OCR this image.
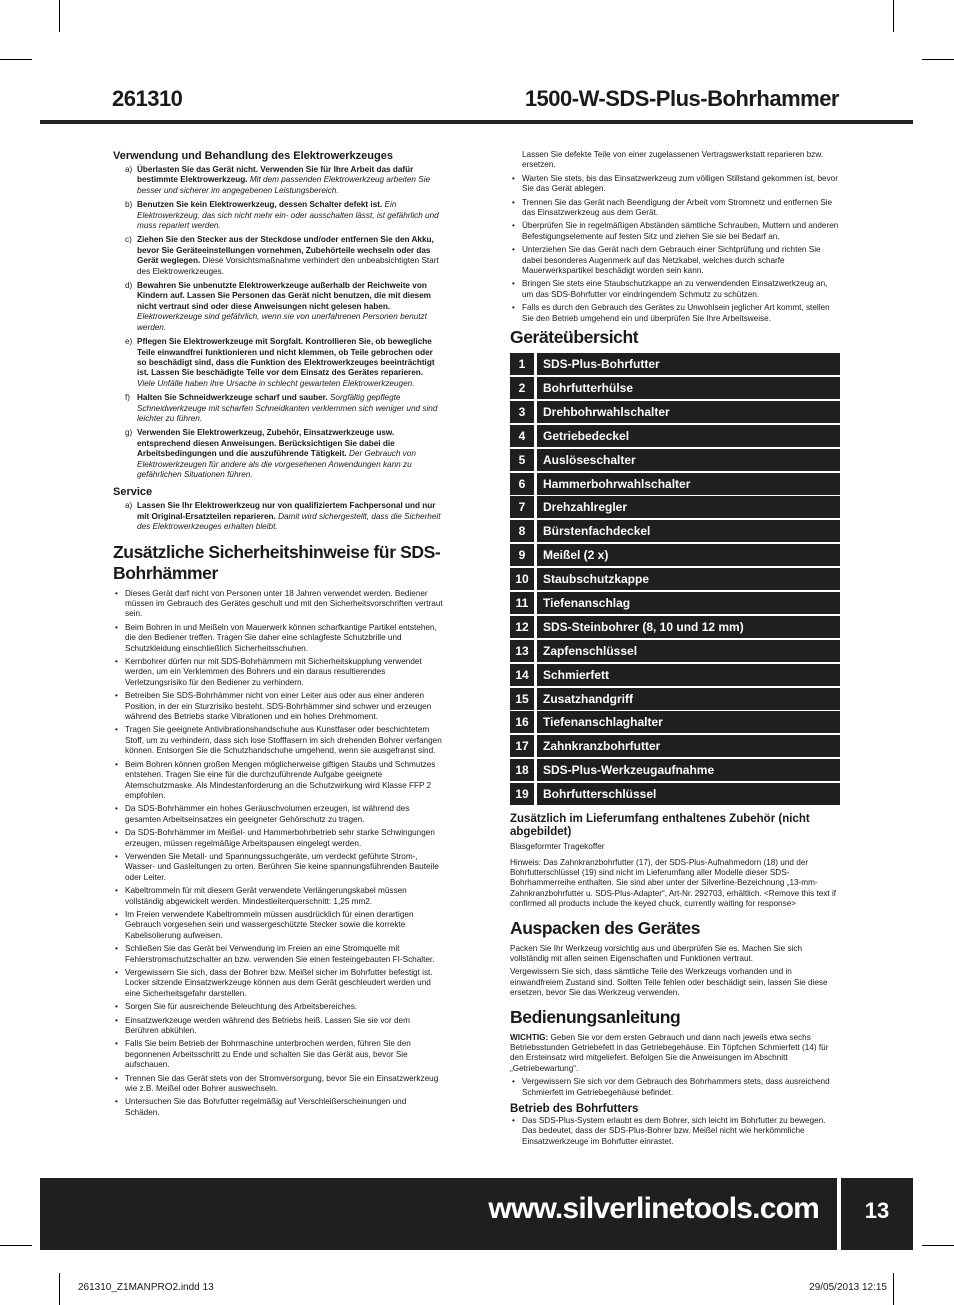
261310	1500-W-SDS-Plus-Bohrhammer
Verwendung und Behandlung des Elektrowerkzeuges
a) Überlasten Sie das Gerät nicht. Verwenden Sie für Ihre Arbeit das dafür bestimmte Elektrowerkzeug. Mit dem passenden Elektrowerkzeug arbeiten Sie besser und sicherer im angegebenen Leistungsbereich.
b) Benutzen Sie kein Elektrowerkzeug, dessen Schalter defekt ist. Ein Elektrowerkzeug, das sich nicht mehr ein- oder ausschalten lässt, ist gefährlich und muss repariert werden.
c) Ziehen Sie den Stecker aus der Steckdose und/oder entfernen Sie den Akku, bevor Sie Geräteeinstellungen vornehmen, Zubehörteile wechseln oder das Gerät weglegen. Diese Vorsichtsmaßnahme verhindert den unbeabsichtigten Start des Elektrowerkzeuges.
d) Bewahren Sie unbenutzte Elektrowerkzeuge außerhalb der Reichweite von Kindern auf. Lassen Sie Personen das Gerät nicht benutzen, die mit diesem nicht vertraut sind oder diese Anweisungen nicht gelesen haben. Elektrowerkzeuge sind gefährlich, wenn sie von unerfahrenen Personen benutzt werden.
e) Pflegen Sie Elektrowerkzeuge mit Sorgfalt. Kontrollieren Sie, ob bewegliche Teile einwandfrei funktionieren und nicht klemmen, ob Teile gebrochen oder so beschädigt sind, dass die Funktion des Elektrowerkzeuges beeinträchtigt ist. Lassen Sie beschädigte Teile vor dem Einsatz des Gerätes reparieren. Viele Unfälle haben ihre Ursache in schlecht gewarteten Elektrowerkzeugen.
f) Halten Sie Schneidwerkzeuge scharf und sauber. Sorgfältig gepflegte Schneidwerkzeuge mit scharfen Schneidkanten verklemmen sich weniger und sind leichter zu führen.
g) Verwenden Sie Elektrowerkzeug, Zubehör, Einsatzwerkzeuge usw. entsprechend diesen Anweisungen. Berücksichtigen Sie dabei die Arbeitsbedingungen und die auszuführende Tätigkeit. Der Gebrauch von Elektrowerkzeugen für andere als die vorgesehenen Anwendungen kann zu gefährlichen Situationen führen.
Service
a) Lassen Sie Ihr Elektrowerkzeug nur von qualifiziertem Fachpersonal und nur mit Original-Ersatzteilen reparieren. Damit wird sichergestellt, dass die Sicherheit des Elektrowerkzeuges erhalten bleibt.
Zusätzliche Sicherheitshinweise für SDS-Bohrhämmer
• Dieses Gerät darf nicht von Personen unter 18 Jahren verwendet werden. Bediener müssen im Gebrauch des Gerätes geschult und mit den Sicherheitsvorschriften vertraut sein.
• Beim Bohren in und Meißeln von Mauerwerk können scharfkantige Partikel entstehen, die den Bediener treffen. Tragen Sie daher eine schlagfeste Schutzbrille und Schutzkleidung einschließlich Sicherheitsschuhen.
• Kernbohrer dürfen nur mit SDS-Bohrhämmern mit Sicherheitskupplung verwendet werden, um ein Verklemmen des Bohrers und ein daraus resultierendes Verletzungsrisiko für den Bediener zu verhindern.
• Betreiben Sie SDS-Bohrhämmer nicht von einer Leiter aus oder aus einer anderen Position, in der ein Sturzrisiko besteht. SDS-Bohrhämmer sind schwer und erzeugen während des Betriebs starke Vibrationen und ein hohes Drehmoment.
• Tragen Sie geeignete Antivibrationshandschuhe aus Kunstfaser oder beschichtetem Stoff, um zu verhindern, dass sich lose Stofffasern im sich drehenden Bohrer verfangen können. Entsorgen Sie die Schutzhandschuhe umgehend, wenn sie ausgefranst sind.
• Beim Bohren können großen Mengen möglicherweise giftigen Staubs und Schmutzes entstehen. Tragen Sie eine für die durchzuführende Aufgabe geeignete Atemschutzmaske. Als Mindestanforderung an die Schutzwirkung wird Klasse FFP 2 empfohlen.
• Da SDS-Bohrhämmer ein hohes Geräuschvolumen erzeugen, ist während des gesamten Arbeitseinsatzes ein geeigneter Gehörschutz zu tragen.
• Da SDS-Bohrhämmer im Meißel- und Hammerbohrbetrieb sehr starke Schwingungen erzeugen, müssen regelmäßige Arbeitspausen eingelegt werden.
• Verwenden Sie Metall- und Spannungssuchgeräte, um verdeckt geführte Strom-, Wasser- und Gasleitungen zu orten. Berühren Sie keine spannungsführenden Bauteile oder Leiter.
• Kabeltrommeln für mit diesem Gerät verwendete Verlängerungskabel müssen vollständig abgewickelt werden. Mindestleiterquerschnitt: 1,25 mm2.
• Im Freien verwendete Kabeltrommeln müssen ausdrücklich für einen derartigen Gebrauch vorgesehen sein und wassergeschützte Stecker sowie die korrekte Kabelisolierung aufweisen.
• Schließen Sie das Gerät bei Verwendung im Freien an eine Stromquelle mit Fehlerstromschutzschalter an bzw. verwenden Sie einen festeingebauten FI-Schalter.
• Vergewissern Sie sich, dass der Bohrer bzw. Meißel sicher im Bohrfutter befestigt ist. Locker sitzende Einsatzwerkzeuge können aus dem Gerät geschleudert werden und eine Sicherheitsgefahr darstellen.
• Sorgen Sie für ausreichende Beleuchtung des Arbeitsbereiches.
• Einsatzwerkzeuge werden während des Betriebs heiß. Lassen Sie sie vor dem Berühren abkühlen.
• Falls Sie beim Betrieb der Bohrmaschine unterbrochen werden, führen Sie den begonnenen Arbeitsschritt zu Ende und schalten Sie das Gerät aus, bevor Sie aufschauen.
• Trennen Sie das Gerät stets von der Stromversorgung, bevor Sie ein Einsatzwerkzeug wie z.B. Meißel oder Bohrer auswechseln.
• Untersuchen Sie das Bohrfutter regelmäßig auf Verschleißerscheinungen und Schäden.
Lassen Sie defekte Teile von einer zugelassenen Vertragswerkstatt reparieren bzw. ersetzen.
• Warten Sie stets, bis das Einsatzwerkzeug zum völligen Stillstand gekommen ist, bevor Sie das Gerät ablegen.
• Trennen Sie das Gerät nach Beendigung der Arbeit vom Stromnetz und entfernen Sie das Einsatzwerkzeug aus dem Gerät.
• Überprüfen Sie in regelmäßigen Abständen sämtliche Schrauben, Muttern und anderen Befestigungselemente auf festen Sitz und ziehen Sie sie bei Bedarf an.
• Unterziehen Sie das Gerät nach dem Gebrauch einer Sichtprüfung und richten Sie dabei besonderes Augenmerk auf das Netzkabel, welches durch scharfe Mauerwerkspartikel beschädigt worden sein kann.
• Bringen Sie stets eine Staubschutzkappe an zu verwendenden Einsatzwerkzeug an, um das SDS-Bohrfutter vor eindringendem Schmutz zu schützen.
• Falls es durch den Gebrauch des Gerätes zu Unwohlsein jeglicher Art kommt, stellen Sie den Betrieb umgehend ein und überprüfen Sie Ihre Arbeitsweise.
Geräteübersicht
1	SDS-Plus-Bohrfutter
2	Bohrfutterhülse
3	Drehbohrwahlschalter
4	Getriebedeckel
5	Auslöseschalter
6	Hammerbohrwahlschalter
7	Drehzahlregler
8	Bürstenfachdeckel
9	Meißel (2 x)
10	Staubschutzkappe
11	Tiefenanschlag
12	SDS-Steinbohrer (8, 10 und 12 mm)
13	Zapfenschlüssel
14	Schmierfett
15	Zusatzhandgriff
16	Tiefenanschlaghalter
17	Zahnkranzbohrfutter
18	SDS-Plus-Werkzeugaufnahme
19	Bohrfutterschlüssel
Zusätzlich im Lieferumfang enthaltenes Zubehör (nicht abgebildet)
Blasgeformter Tragekoffer
Hinweis: Das Zahnkranzbohrfutter (17), der SDS-Plus-Aufnahmedorn (18) und der Bohrfutterschlüssel (19) sind nicht im Lieferumfang aller Modelle dieser SDS-Bohrhammerreihe enthalten. Sie sind aber unter der Silverline-Bezeichnung „13-mm-Zahnkranzbohrfutter u. SDS-Plus-Adapter“, Art-Nr. 292703, erhältlich. <Remove this text if confirmed all products include the keyed chuck, currently waiting for response>
Auspacken des Gerätes
Packen Sie Ihr Werkzeug vorsichtig aus und überprüfen Sie es. Machen Sie sich vollständig mit allen seinen Eigenschaften und Funktionen vertraut.
Vergewissern Sie sich, dass sämtliche Teile des Werkzeugs vorhanden und in einwandfreiem Zustand sind. Sollten Teile fehlen oder beschädigt sein, lassen Sie diese ersetzen, bevor Sie das Werkzeug verwenden.
Bedienungsanleitung
WICHTIG: Geben Sie vor dem ersten Gebrauch und dann nach jeweils etwa sechs Betriebsstunden Getriebefett in das Getriebegehäuse. Ein Töpfchen Schmierfett (14) für den Ersteinsatz wird mitgeliefert. Befolgen Sie die Anweisungen im Abschnitt „Getriebewartung“.
• Vergewissern Sie sich vor dem Gebrauch des Bohrhammers stets, dass ausreichend Schmierfett im Getriebegehäuse befindet.
Betrieb des Bohrfutters
• Das SDS-Plus-System erlaubt es dem Bohrer, sich leicht im Bohrfutter zu bewegen. Das bedeutet, dass der SDS-Plus-Bohrer bzw. Meißel nicht wie herkömmliche Einsatzwerkzeuge im Bohrfutter einrastet.
www.silverlinetools.com	13
261310_Z1MANPRO2.indd 13	29/05/2013 12:15
